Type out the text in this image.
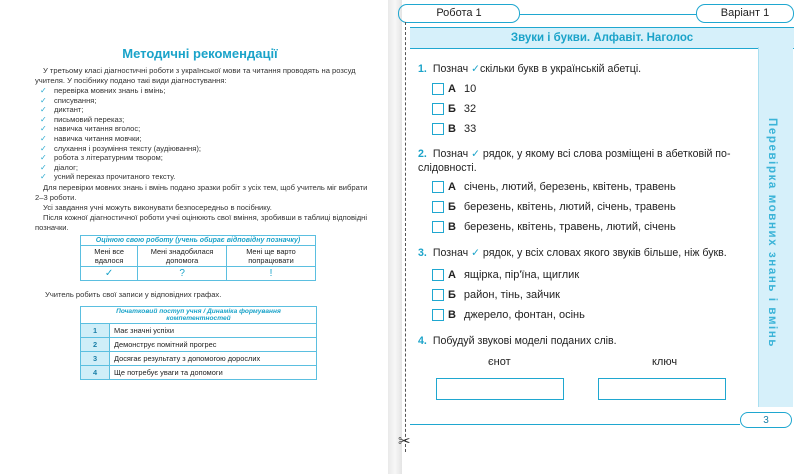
Методичні рекомендації

У третьому класі діагностичні роботи з української мови та читання проводять на розсуд учителя. У посібнику подано такі види діагностування:

✓ перевірка мовних знань і вмінь;
✓ списування;
✓ диктант;
✓ письмовий переказ;
✓ навичка читання вголос;
✓ навичка читання мовчки;
✓ слухання і розуміння тексту (аудіювання);
✓ робота з літературним твором;
✓ діалог;
✓ усний переказ прочитаного тексту.

Для перевірки мовних знань і вмінь подано зразки робіт з усіх тем, щоб учитель міг вибрати 2–3 роботи.

Усі завдання учні можуть виконувати безпосередньо в посібнику.

Після кожної діагностичної роботи учні оцінюють свої вміння, зробивши в таблиці відповідні позначки.

Оцінюю свою роботу (учень обирає відповідну позначку)		
Мені все вдалося	Мені знадобилася допомога	Мені ще варто попрацювати
✓	?	!
Учитель робить свої записи у відповідних графах.
Початковий поступ учня / Динаміка формування компетентностей	
1	Має значні успіхи
2	Демонструє помітний прогрес
3	Досягає результату з допомогою дорослих
4	Ще потребує уваги та допомоги
Робота 1	Варіант 1
✂
Звуки і букви. Алфавіт. Наголос
Перевірка мовних знань і вмінь
1. Познач ✓скільки букв в українській абетці.
А 10
Б 32
В 33
2. Познач ✓ рядок, у якому всі слова розміщені в абетковій по-слідовності.
А січень, лютий, березень, квітень, травень
Б березень, квітень, лютий, січень, травень
В березень, квітень, травень, лютий, січень
3. Познач ✓ рядок, у всіх словах якого звуків більше, ніж букв.
А ящірка, пір'їна, щиглик
Б район, тінь, зайчик
В джерело, фонтан, осінь
4. Побудуй звукові моделі поданих слів.
єнот	ключ
3
